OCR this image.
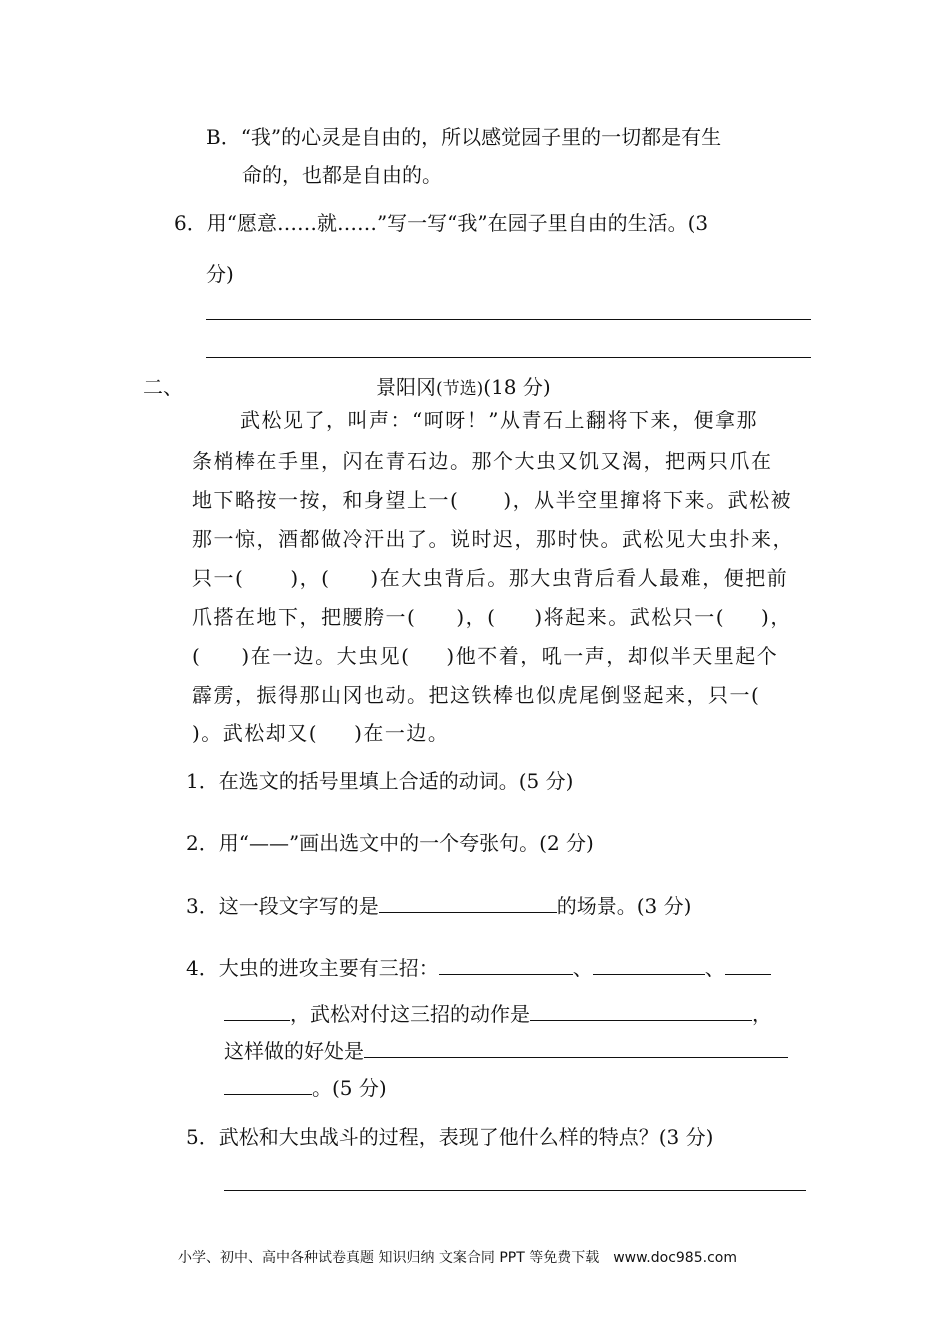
B．“我”的心灵是自由的，所以感觉园子里的一切都是有生
命的，也都是自由的。
6．用“愿意……就……”写一写“我”在园子里自由的生活。(3
分)
二、	景阳冈(节选)(18 分)
武松见了，叫声：“呵呀！”从青石上翻将下来，便拿那
条梢棒在手里，闪在青石边。那个大虫又饥又渴，把两只爪在
地下略按一按，和身望上一( )，从半空里撺将下来。武松被
那一惊，酒都做冷汗出了。说时迟，那时快。武松见大虫扑来，
只一( )，( )在大虫背后。那大虫背后看人最难，便把前
爪搭在地下，把腰胯一( )，( )将起来。武松只一( )，
( )在一边。大虫见( )他不着，吼一声，却似半天里起个
霹雳，振得那山冈也动。把这铁棒也似虎尾倒竖起来，只一(
)。武松却又( )在一边。
1．在选文的括号里填上合适的动词。(5 分)
2．用“——”画出选文中的一个夸张句。(2 分)
3．这一段文字写的是	的场景。(3 分)
4．大虫的进攻主要有三招：	、	、
，武松对付这三招的动作是	，
这样做的好处是
。(5 分)
5．武松和大虫战斗的过程，表现了他什么样的特点？(3 分)
小学、初中、高中各种试卷真题 知识归纳 文案合同 PPT 等免费下载　www.doc985.com
